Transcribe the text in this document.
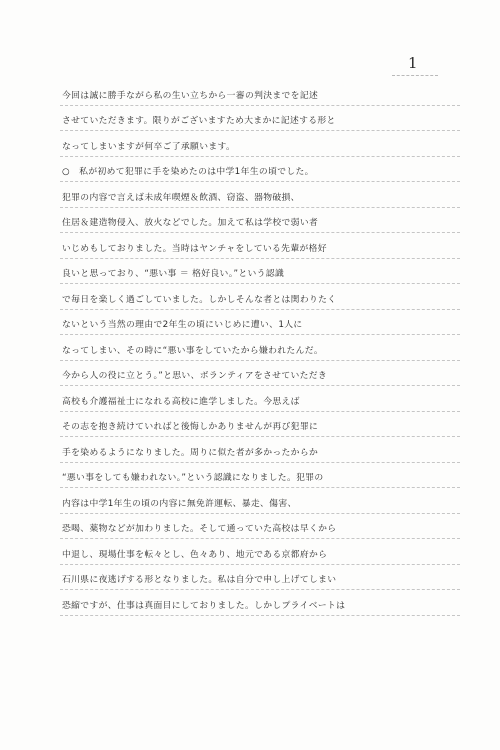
1
今回は誠に勝手ながら私の生い立ちから一審の判決までを記述
させていただきます。限りがございますため大まかに記述する形と
なってしまいますが何卒ご了承願います。
○　私が初めて犯罪に手を染めたのは中学1年生の頃でした。
犯罪の内容で言えば未成年喫煙＆飲酒、窃盗、器物破損、
住居＆建造物侵入、放火などでした。加えて私は学校で弱い者
いじめもしておりました。当時はヤンチャをしている先輩が格好
良いと思っており、“悪い事 ＝ 格好良い。”という認識
で毎日を楽しく過ごしていました。しかしそんな者とは関わりたく
ないという当然の理由で2年生の頃にいじめに遭い、1人に
なってしまい、その時に“悪い事をしていたから嫌われたんだ。
今から人の役に立とう。”と思い、ボランティアをさせていただき
高校も介護福祉士になれる高校に進学しました。今思えば
その志を抱き続けていればと後悔しかありませんが再び犯罪に
手を染めるようになりました。周りに似た者が多かったからか
“悪い事をしても嫌われない。”という認識になりました。犯罪の
内容は中学1年生の頃の内容に無免許運転、暴走、傷害、
恐喝、薬物などが加わりました。そして通っていた高校は早くから
中退し、現場仕事を転々とし、色々あり、地元である京都府から
石川県に夜逃げする形となりました。私は自分で申し上げてしまい
恐縮ですが、仕事は真面目にしておりました。しかしプライベートは
